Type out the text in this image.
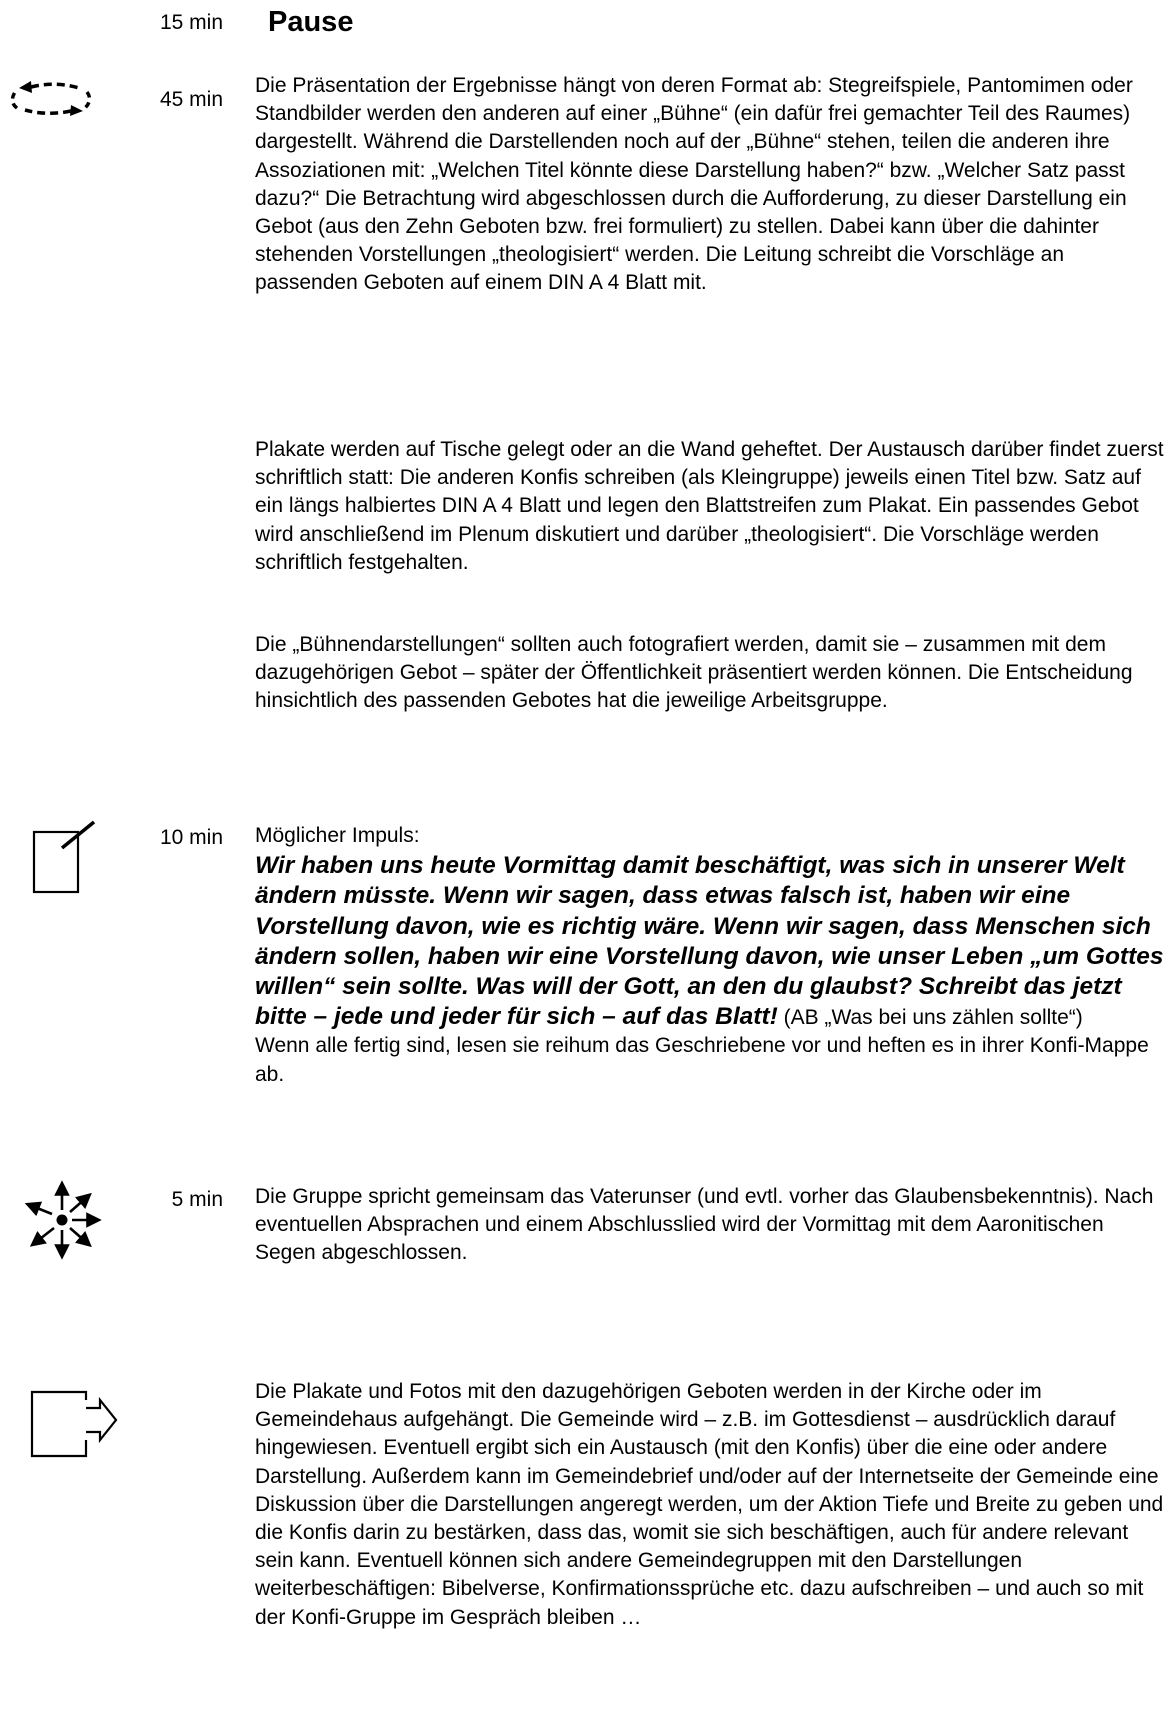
15 min Pause
45 min

Die Präsentation der Ergebnisse hängt von deren Format ab: Stegreifspiele, Pantomimen oder Standbilder werden den anderen auf einer „Bühne“ (ein dafür frei gemachter Teil des Raumes) dargestellt. Während die Darstellenden noch auf der „Bühne“ stehen, teilen die anderen ihre Assoziationen mit: „Welchen Titel könnte diese Darstellung haben?“ bzw. „Welcher Satz passt dazu?“ Die Betrachtung wird abgeschlossen durch die Aufforderung, zu dieser Darstellung ein Gebot (aus den Zehn Geboten bzw. frei formuliert) zu stellen. Dabei kann über die dahinter stehenden Vorstellungen „theologisiert“ werden. Die Leitung schreibt die Vorschläge an passenden Geboten auf einem DIN A 4 Blatt mit.

Plakate werden auf Tische gelegt oder an die Wand geheftet. Der Austausch darüber findet zuerst schriftlich statt: Die anderen Konfis schreiben (als Kleingruppe) jeweils einen Titel bzw. Satz auf ein längs halbiertes DIN A 4 Blatt und legen den Blattstreifen zum Plakat. Ein passendes Gebot wird anschließend im Plenum diskutiert und darüber „theologisiert“. Die Vorschläge werden schriftlich festgehalten.

Die „Bühnendarstellungen“ sollten auch fotografiert werden, damit sie – zusammen mit dem dazugehörigen Gebot – später der Öffentlichkeit präsentiert werden können. Die Entscheidung hinsichtlich des passenden Gebotes hat die jeweilige Arbeitsgruppe.

10 min Möglicher Impuls:
Wir haben uns heute Vormittag damit beschäftigt, was sich in unserer Welt ändern müsste. Wenn wir sagen, dass etwas falsch ist, haben wir eine Vorstellung davon, wie es richtig wäre. Wenn wir sagen, dass Menschen sich ändern sollen, haben wir eine Vorstellung davon, wie unser Leben „um Gottes willen“ sein sollte. Was will der Gott, an den du glaubst? Schreibt das jetzt bitte – jede und jeder für sich – auf das Blatt! (AB „Was bei uns zählen sollte“)
Wenn alle fertig sind, lesen sie reihum das Geschriebene vor und heften es in ihrer Konfi-Mappe ab.
5 min Die Gruppe spricht gemeinsam das Vaterunser (und evtl. vorher das Glaubensbekenntnis). Nach eventuellen Absprachen und einem Abschlusslied wird der Vormittag mit dem Aaronitischen Segen abgeschlossen.

Die Plakate und Fotos mit den dazugehörigen Geboten werden in der Kirche oder im Gemeindehaus aufgehängt. Die Gemeinde wird – z.B. im Gottesdienst – ausdrücklich darauf hingewiesen. Eventuell ergibt sich ein Austausch (mit den Konfis) über die eine oder andere Darstellung. Außerdem kann im Gemeindebrief und/oder auf der Internetseite der Gemeinde eine Diskussion über die Darstellungen angeregt werden, um der Aktion Tiefe und Breite zu geben und die Konfis darin zu bestärken, dass das, womit sie sich beschäftigen, auch für andere relevant sein kann. Eventuell können sich andere Gemeindegruppen mit den Darstellungen weiterbeschäftigen: Bibelverse, Konfirmationssprüche etc. dazu aufschreiben – und auch so mit der Konfi-Gruppe im Gespräch bleiben …
